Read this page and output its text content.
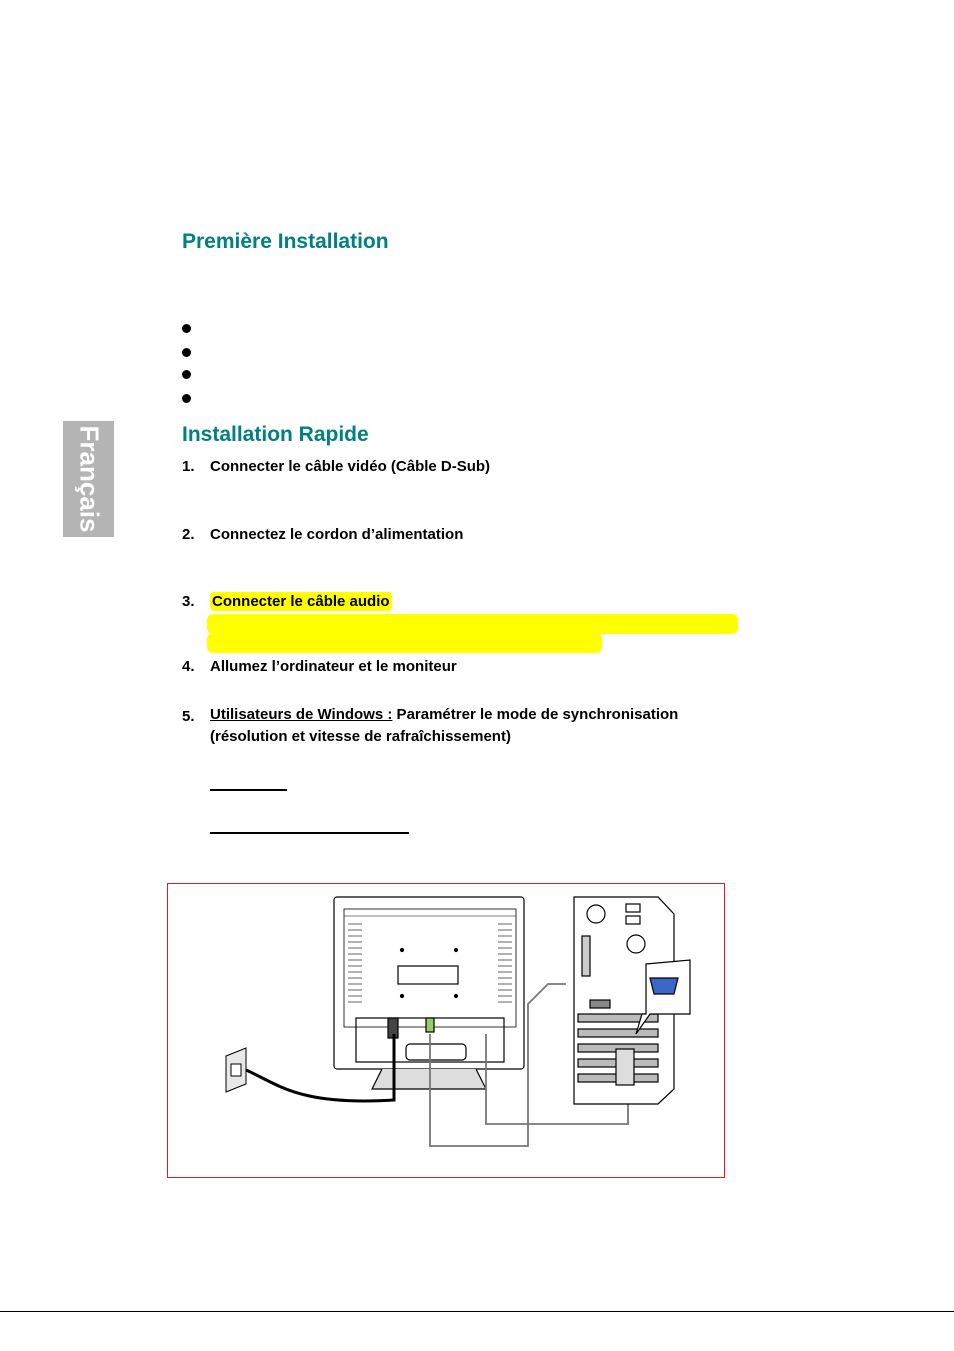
Français
Première Installation
Installation Rapide
1. Connecter le câble vidéo (Câble D-Sub)
2. Connectez le cordon d’alimentation
3. Connecter le câble audio
4. Allumez l’ordinateur et le moniteur
5. Utilisateurs de Windows : Paramétrer le mode de synchronisation (résolution et vitesse de rafraîchissement)
